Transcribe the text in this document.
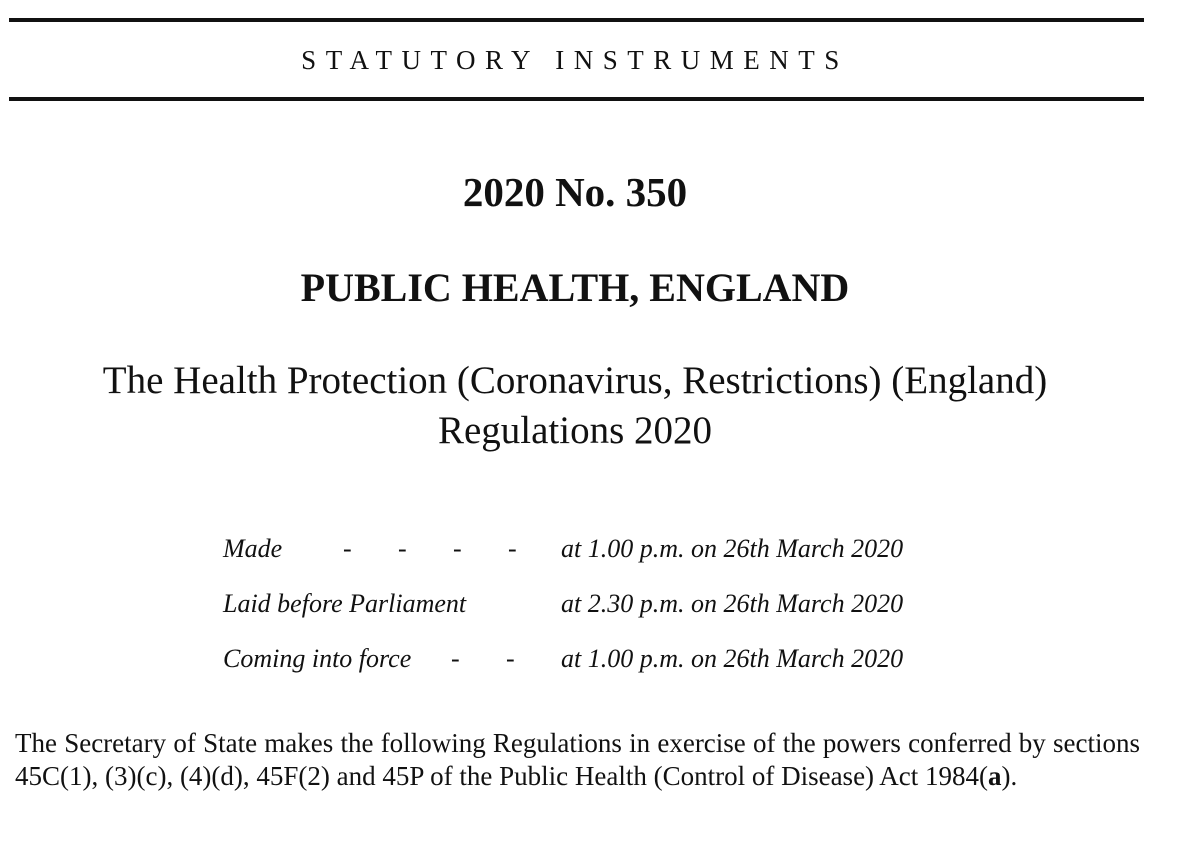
STATUTORY INSTRUMENTS
2020 No. 350
PUBLIC HEALTH, ENGLAND
The Health Protection (Coronavirus, Restrictions) (England)
Regulations 2020
Made - - - - at 1.00 p.m. on 26th March 2020
Laid before Parliament	at 2.30 p.m. on 26th March 2020
Coming into force - - at 1.00 p.m. on 26th March 2020
The Secretary of State makes the following Regulations in exercise of the powers conferred by sections 45C(1), (3)(c), (4)(d), 45F(2) and 45P of the Public Health (Control of Disease) Act 1984(a).
